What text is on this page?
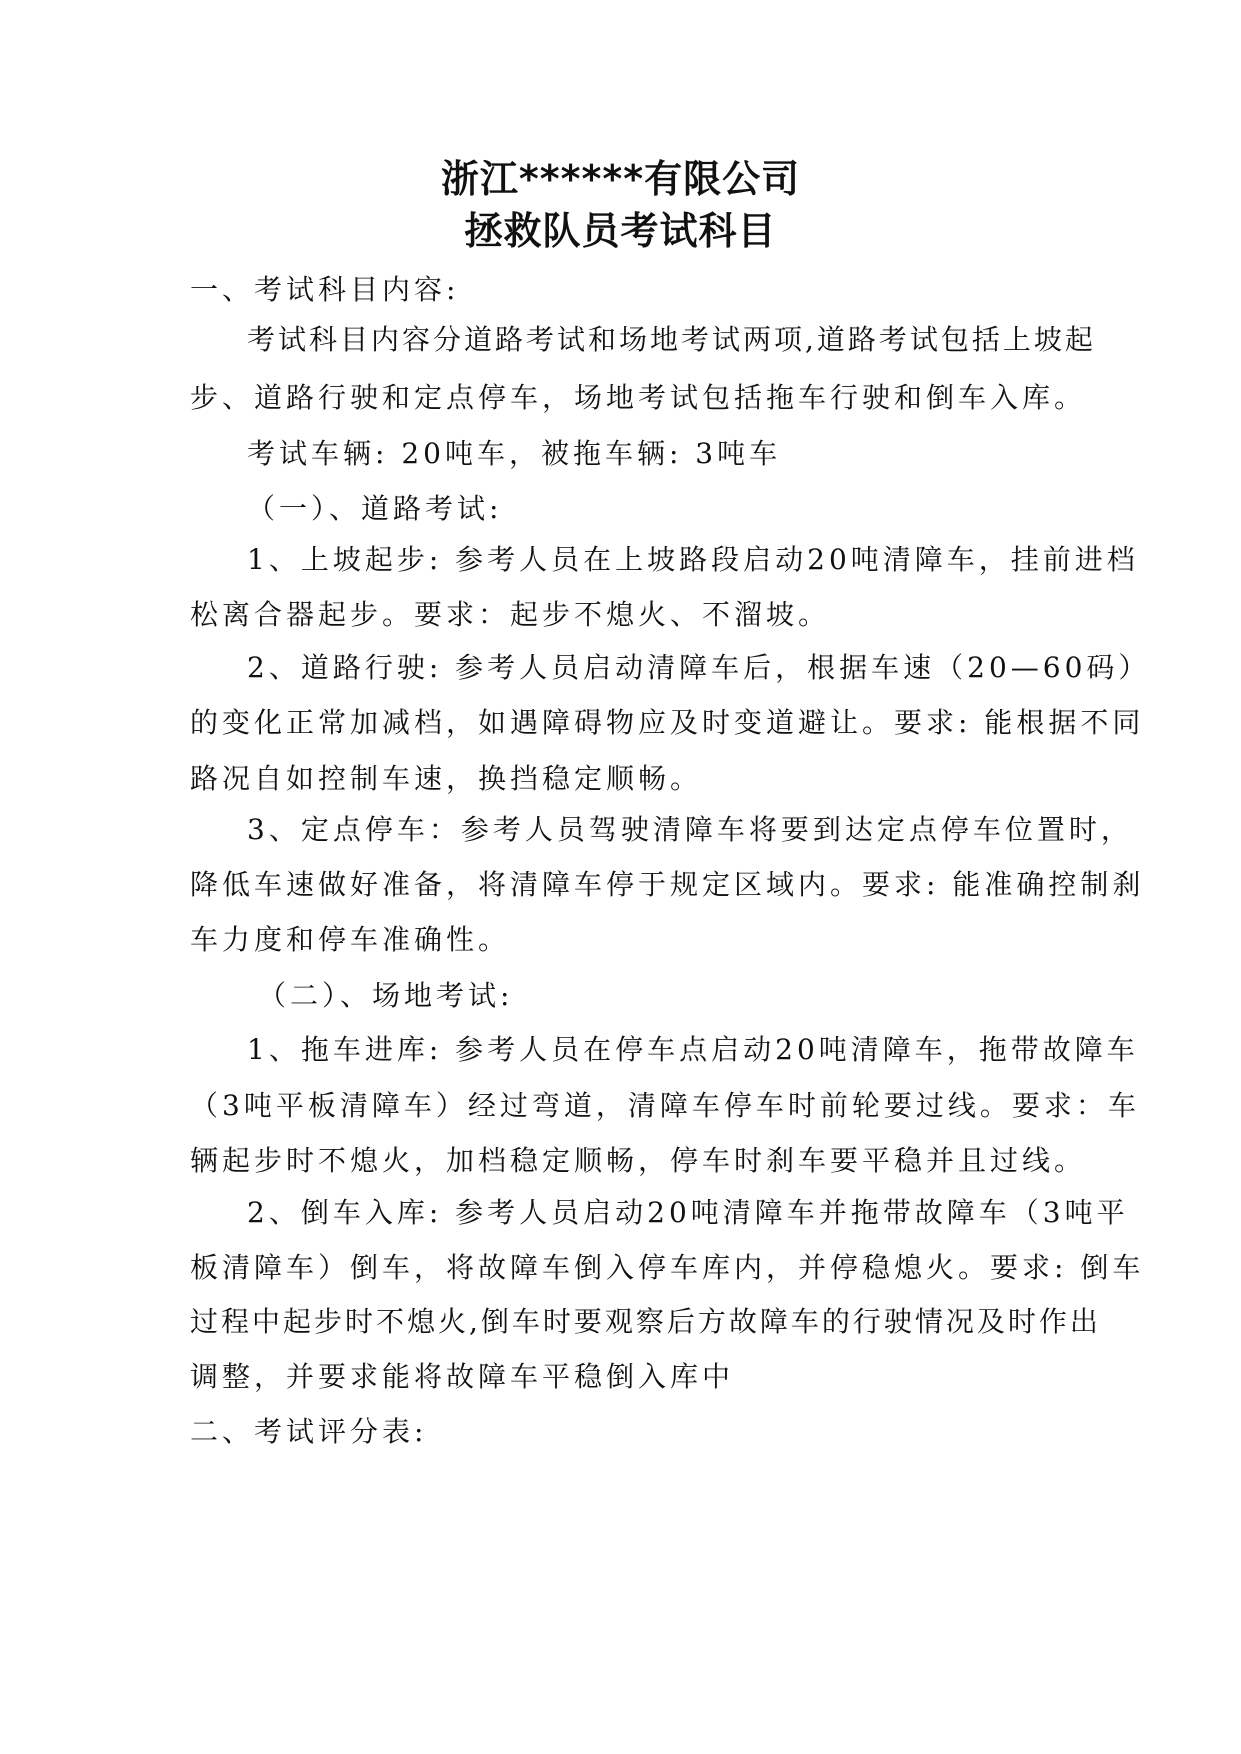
浙江******有限公司
拯救队员考试科目
一、考试科目内容:
考试科目内容分道路考试和场地考试两项,道路考试包括上坡起
步、道路行驶和定点停车，场地考试包括拖车行驶和倒车入库。
考试车辆: 20吨车，被拖车辆: 3吨车
（一）、道路考试:
1、上坡起步: 参考人员在上坡路段启动20吨清障车，挂前进档
松离合器起步。要求：起步不熄火、不溜坡。
2、道路行驶: 参考人员启动清障车后，根据车速（20—60码）
的变化正常加减档，如遇障碍物应及时变道避让。要求: 能根据不同
路况自如控制车速，换挡稳定顺畅。
3、定点停车：参考人员驾驶清障车将要到达定点停车位置时，
降低车速做好准备，将清障车停于规定区域内。要求: 能准确控制刹
车力度和停车准确性。
（二）、场地考试:
1、拖车进库: 参考人员在停车点启动20吨清障车，拖带故障车
（3吨平板清障车）经过弯道，清障车停车时前轮要过线。要求：车
辆起步时不熄火，加档稳定顺畅，停车时刹车要平稳并且过线。
2、倒车入库: 参考人员启动20吨清障车并拖带故障车（3吨平
板清障车）倒车，将故障车倒入停车库内，并停稳熄火。要求: 倒车
过程中起步时不熄火,倒车时要观察后方故障车的行驶情况及时作出
调整，并要求能将故障车平稳倒入库中
二、考试评分表:
